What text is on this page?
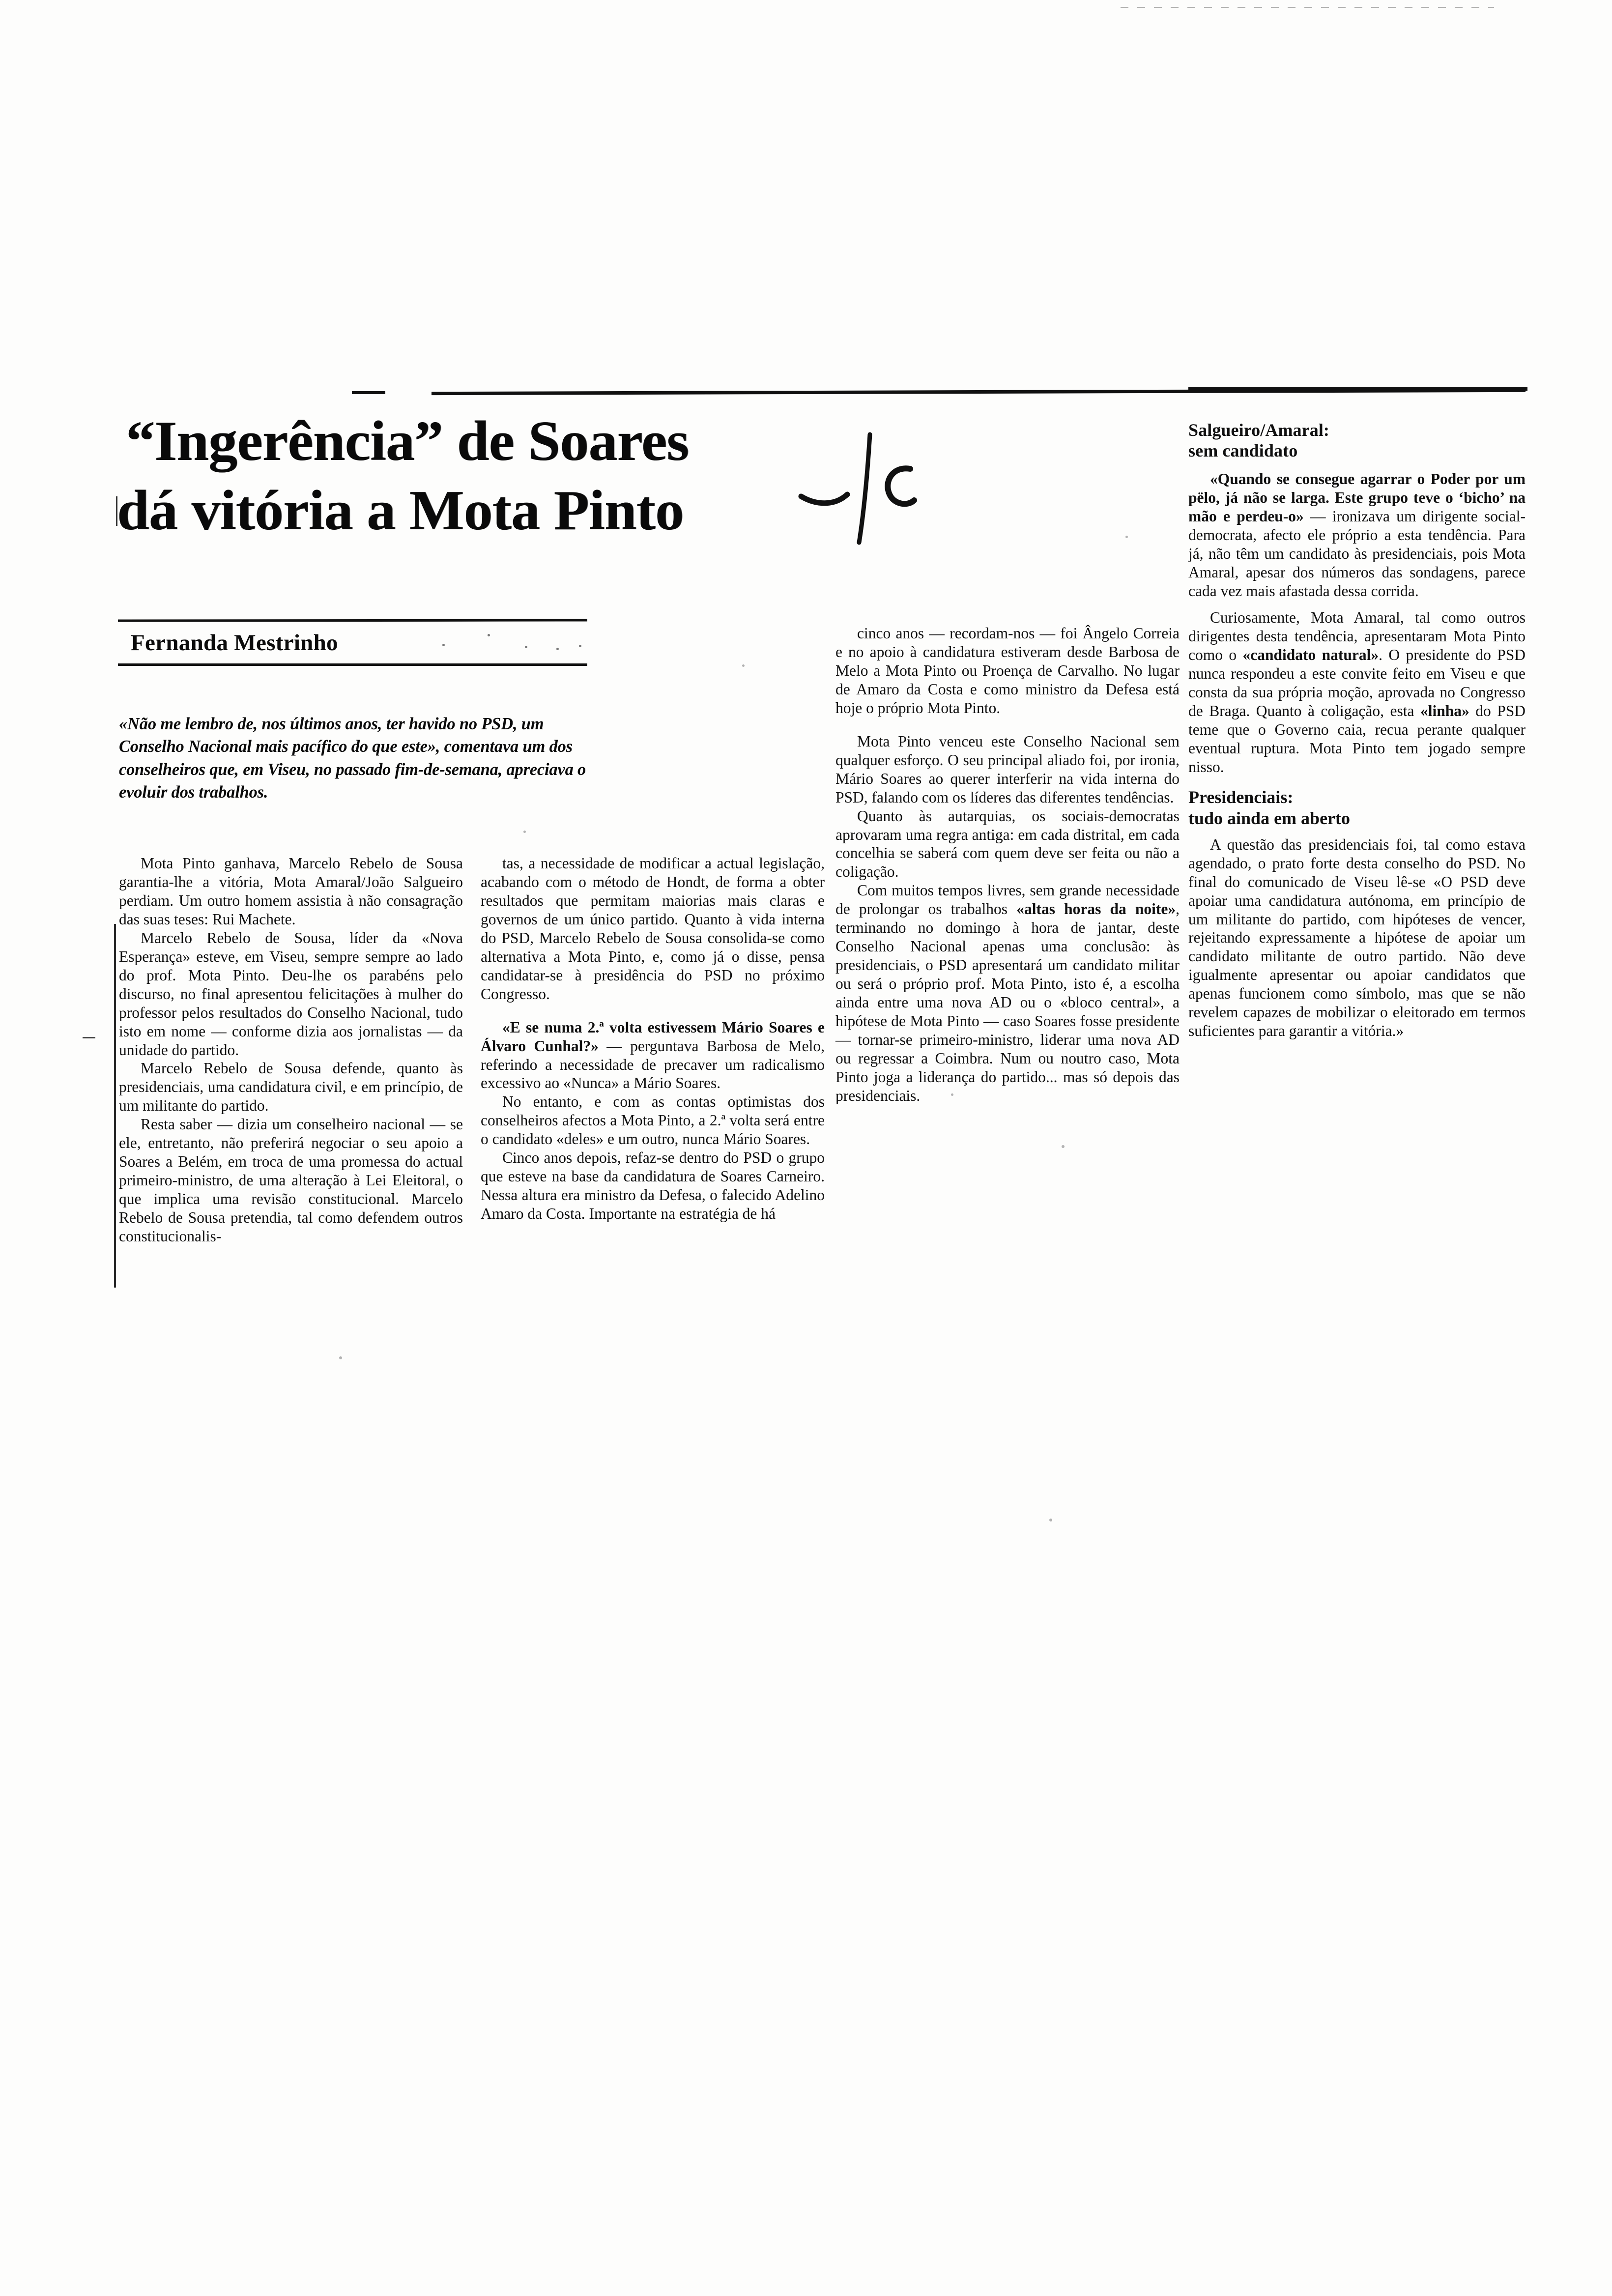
“Ingerência” de Soares
dá vitória a Mota Pinto
Fernanda Mestrinho
«Não me lembro de, nos últimos anos, ter havido no PSD, um Conselho Nacional mais pacífico do que este», comentava um dos conselheiros que, em Viseu, no passado fim-de-semana, apreciava o evoluir dos trabalhos.

Mota Pinto ganhava, Marcelo Rebelo de Sousa garantia-lhe a vitória, Mota Amaral/João Salgueiro perdiam. Um outro homem assistia à não consagração das suas teses: Rui Machete.

Marcelo Rebelo de Sousa, líder da «Nova Esperança» esteve, em Viseu, sempre sempre ao lado do prof. Mota Pinto. Deu-lhe os parabéns pelo discurso, no final apresentou felicitações à mulher do professor pelos resultados do Conselho Nacional, tudo isto em nome — conforme dizia aos jornalistas — da unidade do partido.

Marcelo Rebelo de Sousa defende, quanto às presidenciais, uma candidatura civil, e em princípio, de um militante do partido.

Resta saber — dizia um conselheiro nacional — se ele, entretanto, não preferirá negociar o seu apoio a Soares a Belém, em troca de uma promessa do actual primeiro-ministro, de uma alteração à Lei Eleitoral, o que implica uma revisão constitucional. Marcelo Rebelo de Sousa pretendia, tal como defendem outros constitucionalis-

tas, a necessidade de modificar a actual legislação, acabando com o método de Hondt, de forma a obter resultados que permitam maiorias mais claras e governos de um único partido. Quanto à vida interna do PSD, Marcelo Rebelo de Sousa consolida-se como alternativa a Mota Pinto, e, como já o disse, pensa candidatar-se à presidência do PSD no próximo Congresso.

«E se numa 2.ª volta estivessem Mário Soares e Álvaro Cunhal?» — perguntava Barbosa de Melo, referindo a necessidade de precaver um radicalismo excessivo ao «Nunca» a Mário Soares.

No entanto, e com as contas optimistas dos conselheiros afectos a Mota Pinto, a 2.ª volta será entre o candidato «deles» e um outro, nunca Mário Soares.

Cinco anos depois, refaz-se dentro do PSD o grupo que esteve na base da candidatura de Soares Carneiro. Nessa altura era ministro da Defesa, o falecido Adelino Amaro da Costa. Importante na estratégia de há

cinco anos — recordam-nos — foi Ângelo Correia e no apoio à candidatura estiveram desde Barbosa de Melo a Mota Pinto ou Proença de Carvalho. No lugar de Amaro da Costa e como ministro da Defesa está hoje o próprio Mota Pinto.

Mota Pinto venceu este Conselho Nacional sem qualquer esforço. O seu principal aliado foi, por ironia, Mário Soares ao querer interferir na vida interna do PSD, falando com os líderes das diferentes tendências.

Quanto às autarquias, os sociais-democratas aprovaram uma regra antiga: em cada distrital, em cada concelhia se saberá com quem deve ser feita ou não a coligação.

Com muitos tempos livres, sem grande necessidade de prolongar os trabalhos «altas horas da noite», terminando no domingo à hora de jantar, deste Conselho Nacional apenas uma conclusão: às presidenciais, o PSD apresentará um candidato militar ou será o próprio prof. Mota Pinto, isto é, a escolha ainda entre uma nova AD ou o «bloco central», a hipótese de Mota Pinto — caso Soares fosse presidente — tornar-se primeiro-ministro, liderar uma nova AD ou regressar a Coimbra. Num ou noutro caso, Mota Pinto joga a liderança do partido... mas só depois das presidenciais.

Salgueiro/Amaral:
sem candidato

«Quando se consegue agarrar o Poder por um pëlo, já não se larga. Este grupo teve o ‘bicho’ na mão e perdeu-o» — ironizava um dirigente social-democrata, afecto ele próprio a esta tendência. Para já, não têm um candidato às presidenciais, pois Mota Amaral, apesar dos números das sondagens, parece cada vez mais afastada dessa corrida.

Curiosamente, Mota Amaral, tal como outros dirigentes desta tendência, apresentaram Mota Pinto como o «candidato natural». O presidente do PSD nunca respondeu a este convite feito em Viseu e que consta da sua própria moção, aprovada no Congresso de Braga. Quanto à coligação, esta «linha» do PSD teme que o Governo caia, recua perante qualquer eventual ruptura. Mota Pinto tem jogado sempre nisso.

Presidenciais:
tudo ainda em aberto

A questão das presidenciais foi, tal como estava agendado, o prato forte desta conselho do PSD. No final do comunicado de Viseu lê-se «O PSD deve apoiar uma candidatura autónoma, em princípio de um militante do partido, com hipóteses de vencer, rejeitando expressamente a hipótese de apoiar um candidato militante de outro partido. Não deve igualmente apresentar ou apoiar candidatos que apenas funcionem como símbolo, mas que se não revelem capazes de mobilizar o eleitorado em termos suficientes para garantir a vitória.»
